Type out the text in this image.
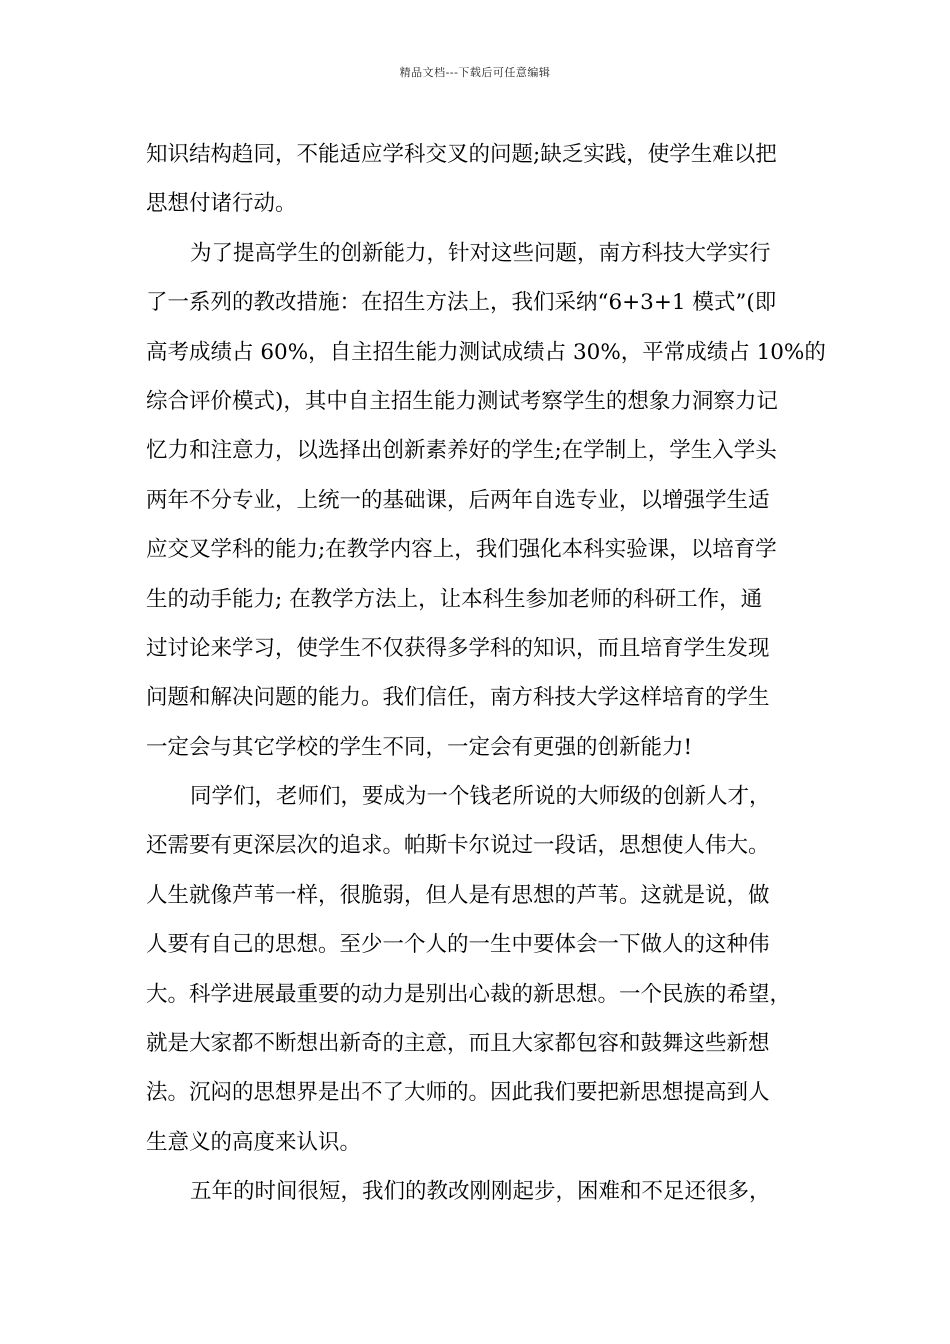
精品文档---下载后可任意编辑
知识结构趋同，不能适应学科交叉的问题;缺乏实践，使学生难以把
思想付诸行动。
为了提高学生的创新能力，针对这些问题，南方科技大学实行
了一系列的教改措施：在招生方法上，我们采纳“6+3+1 模式”(即
高考成绩占 60%，自主招生能力测试成绩占 30%，平常成绩占 10%的
综合评价模式)，其中自主招生能力测试考察学生的想象力洞察力记
忆力和注意力，以选择出创新素养好的学生;在学制上，学生入学头
两年不分专业，上统一的基础课，后两年自选专业，以增强学生适
应交叉学科的能力;在教学内容上，我们强化本科实验课，以培育学
生的动手能力; 在教学方法上，让本科生参加老师的科研工作，通
过讨论来学习，使学生不仅获得多学科的知识，而且培育学生发现
问题和解决问题的能力。我们信任，南方科技大学这样培育的学生
一定会与其它学校的学生不同，一定会有更强的创新能力!
同学们，老师们，要成为一个钱老所说的大师级的创新人才，
还需要有更深层次的追求。帕斯卡尔说过一段话，思想使人伟大。
人生就像芦苇一样，很脆弱，但人是有思想的芦苇。这就是说，做
人要有自己的思想。至少一个人的一生中要体会一下做人的这种伟
大。科学进展最重要的动力是别出心裁的新思想。一个民族的希望，
就是大家都不断想出新奇的主意，而且大家都包容和鼓舞这些新想
法。沉闷的思想界是出不了大师的。因此我们要把新思想提高到人
生意义的高度来认识。
五年的时间很短，我们的教改刚刚起步，困难和不足还很多，
